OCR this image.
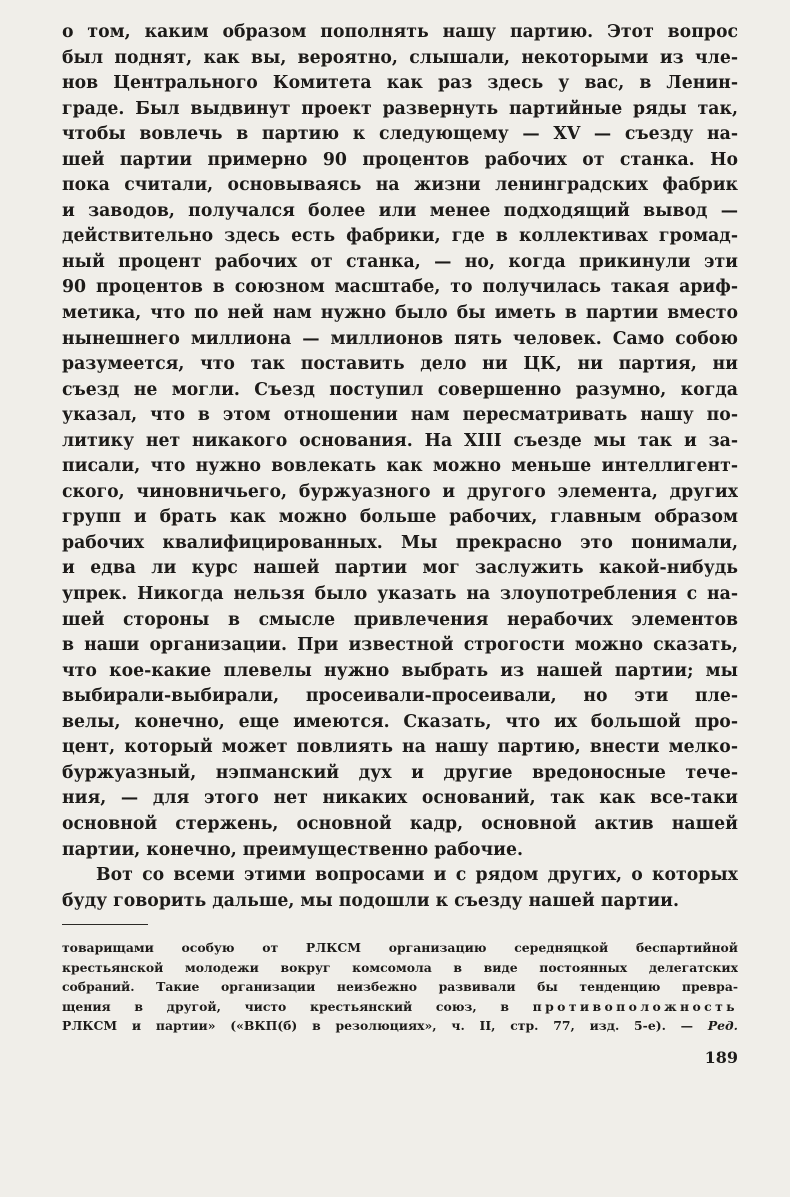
о том, каким образом пополнять нашу партию. Этот вопрос
был поднят, как вы, вероятно, слышали, некоторыми из чле-
нов Центрального Комитета как раз здесь у вас, в Ленин-
граде. Был выдвинут проект развернуть партийные ряды так,
чтобы вовлечь в партию к следующему — XV — съезду на-
шей партии примерно 90 процентов рабочих от станка. Но
пока считали, основываясь на жизни ленинградских фабрик
и заводов, получался более или менее подходящий вывод —
действительно здесь есть фабрики, где в коллективах громад-
ный процент рабочих от станка, — но, когда прикинули эти
90 процентов в союзном масштабе, то получилась такая ариф-
метика, что по ней нам нужно было бы иметь в партии вместо
нынешнего миллиона — миллионов пять человек. Само собою
разумеется, что так поставить дело ни ЦК, ни партия, ни
съезд не могли. Съезд поступил совершенно разумно, когда
указал, что в этом отношении нам пересматривать нашу по-
литику нет никакого основания. На XIII съезде мы так и за-
писали, что нужно вовлекать как можно меньше интеллигент-
ского, чиновничьего, буржуазного и другого элемента, других
групп и брать как можно больше рабочих, главным образом
рабочих квалифицированных. Мы прекрасно это понимали,
и едва ли курс нашей партии мог заслужить какой-нибудь
упрек. Никогда нельзя было указать на злоупотребления с на-
шей стороны в смысле привлечения нерабочих элементов
в наши организации. При известной строгости можно сказать,
что кое-какие плевелы нужно выбрать из нашей партии; мы
выбирали-выбирали, просеивали-просеивали, но эти пле-
велы, конечно, еще имеются. Сказать, что их большой про-
цент, который может повлиять на нашу партию, внести мелко-
буржуазный, нэпманский дух и другие вредоносные тече-
ния, — для этого нет никаких оснований, так как все-таки
основной стержень, основной кадр, основной актив нашей
партии, конечно, преимущественно рабочие.
Вот со всеми этими вопросами и с рядом других, о которых
буду говорить дальше, мы подошли к съезду нашей партии.
товарищами особую от РЛКСМ организацию середняцкой беспартийной
крестьянской молодежи вокруг комсомола в виде постоянных делегатских
собраний. Такие организации неизбежно развивали бы тенденцию превра-
щения в другой, чисто крестьянский союз, в противоположность
РЛКСМ и партии» («ВКП(б) в резолюциях», ч. II, стр. 77, изд. 5-е). — Ред.
189
